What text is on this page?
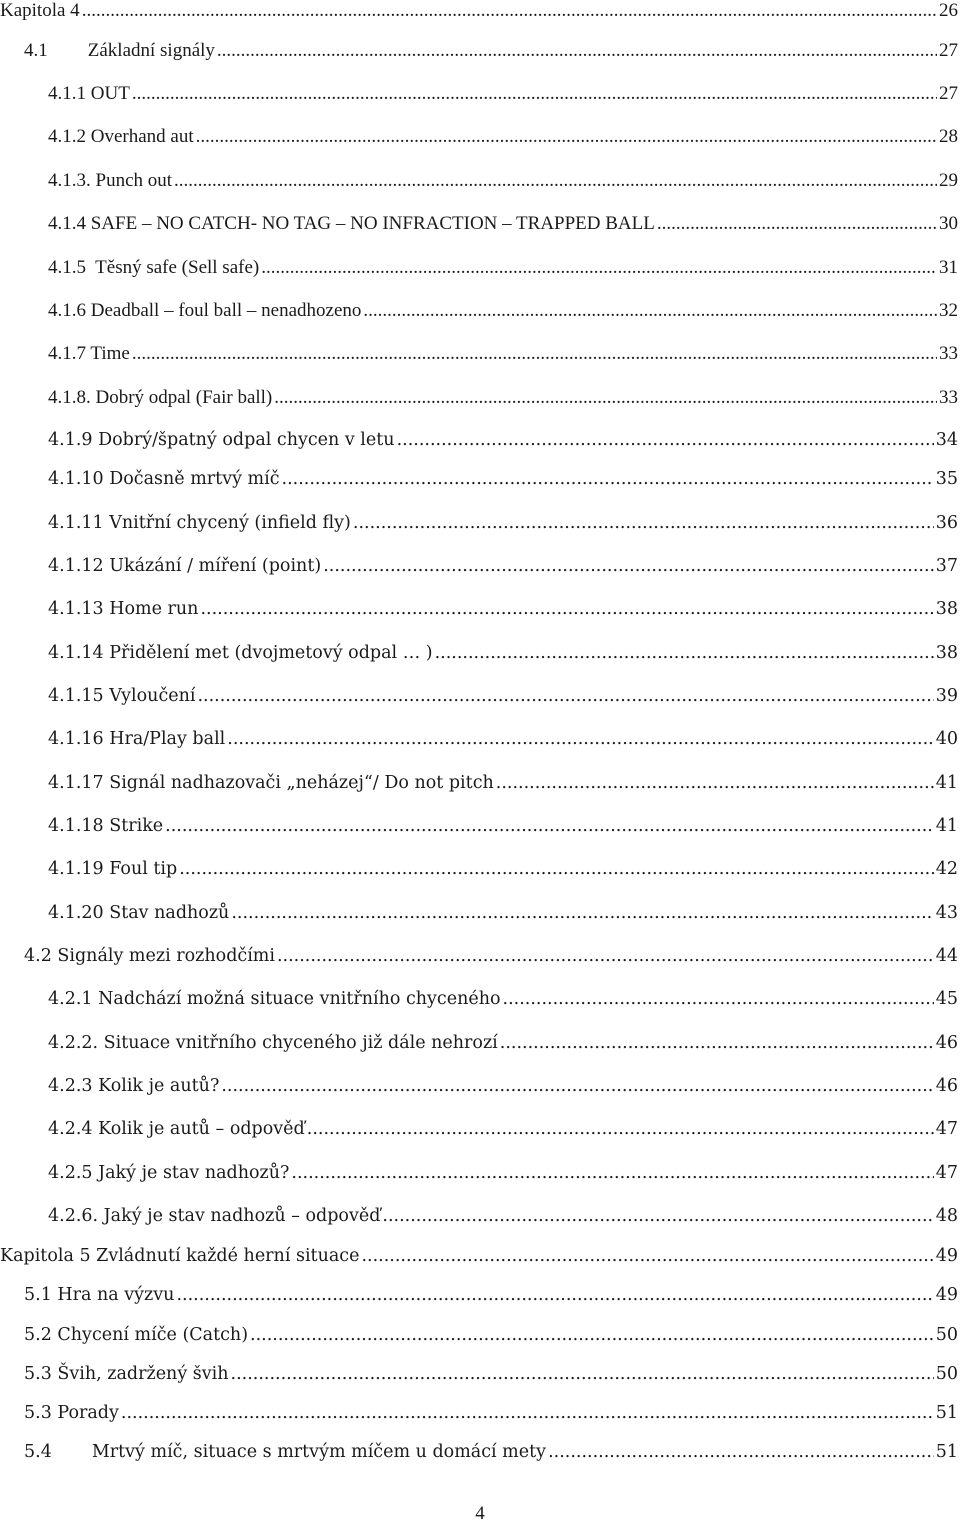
Kapitola 4 .....	26
4.1 Základní signály .....	27
4.1.1 OUT .....	27
4.1.2 Overhand aut .....	28
4.1.3. Punch out .....	29
4.1.4 SAFE – NO CATCH- NO TAG – NO INFRACTION – TRAPPED BALL .....	30
4.1.5  Těsný safe (Sell safe) .....	31
4.1.6 Deadball – foul ball – nenadhozeno .....	32
4.1.7 Time .....	33
4.1.8. Dobrý odpal (Fair ball) .....	33
4.1.9 Dobrý/špatný odpal chycen v letu .....	34
4.1.10 Dočasně mrtvý míč .....	35
4.1.11 Vnitřní chycený (infield fly) .....	36
4.1.12 Ukázání / míření (point) .....	37
4.1.13 Home run .....	38
4.1.14 Přidělení met (dvojmetový odpal … ) .....	38
4.1.15 Vyloučení .....	39
4.1.16 Hra/Play ball .....	40
4.1.17 Signál nadhazovači „neházej“/ Do not pitch .....	41
4.1.18 Strike .....	41
4.1.19 Foul tip .....	42
4.1.20 Stav nadhozů .....	43
4.2 Signály mezi rozhodčími .....	44
4.2.1 Nadchází možná situace vnitřního chyceného .....	45
4.2.2. Situace vnitřního chyceného již dále nehrozí .....	46
4.2.3 Kolik je autů? .....	46
4.2.4 Kolik je autů – odpověď .....	47
4.2.5 Jaký je stav nadhozů? .....	47
4.2.6. Jaký je stav nadhozů – odpověď .....	48
Kapitola 5 Zvládnutí každé herní situace .....	49
5.1 Hra na výzvu .....	49
5.2 Chycení míče (Catch) .....	50
5.3 Švih, zadržený švih .....	50
5.3 Porady .....	51
5.4 Mrtvý míč, situace s mrtvým míčem u domácí mety .....	51
4
